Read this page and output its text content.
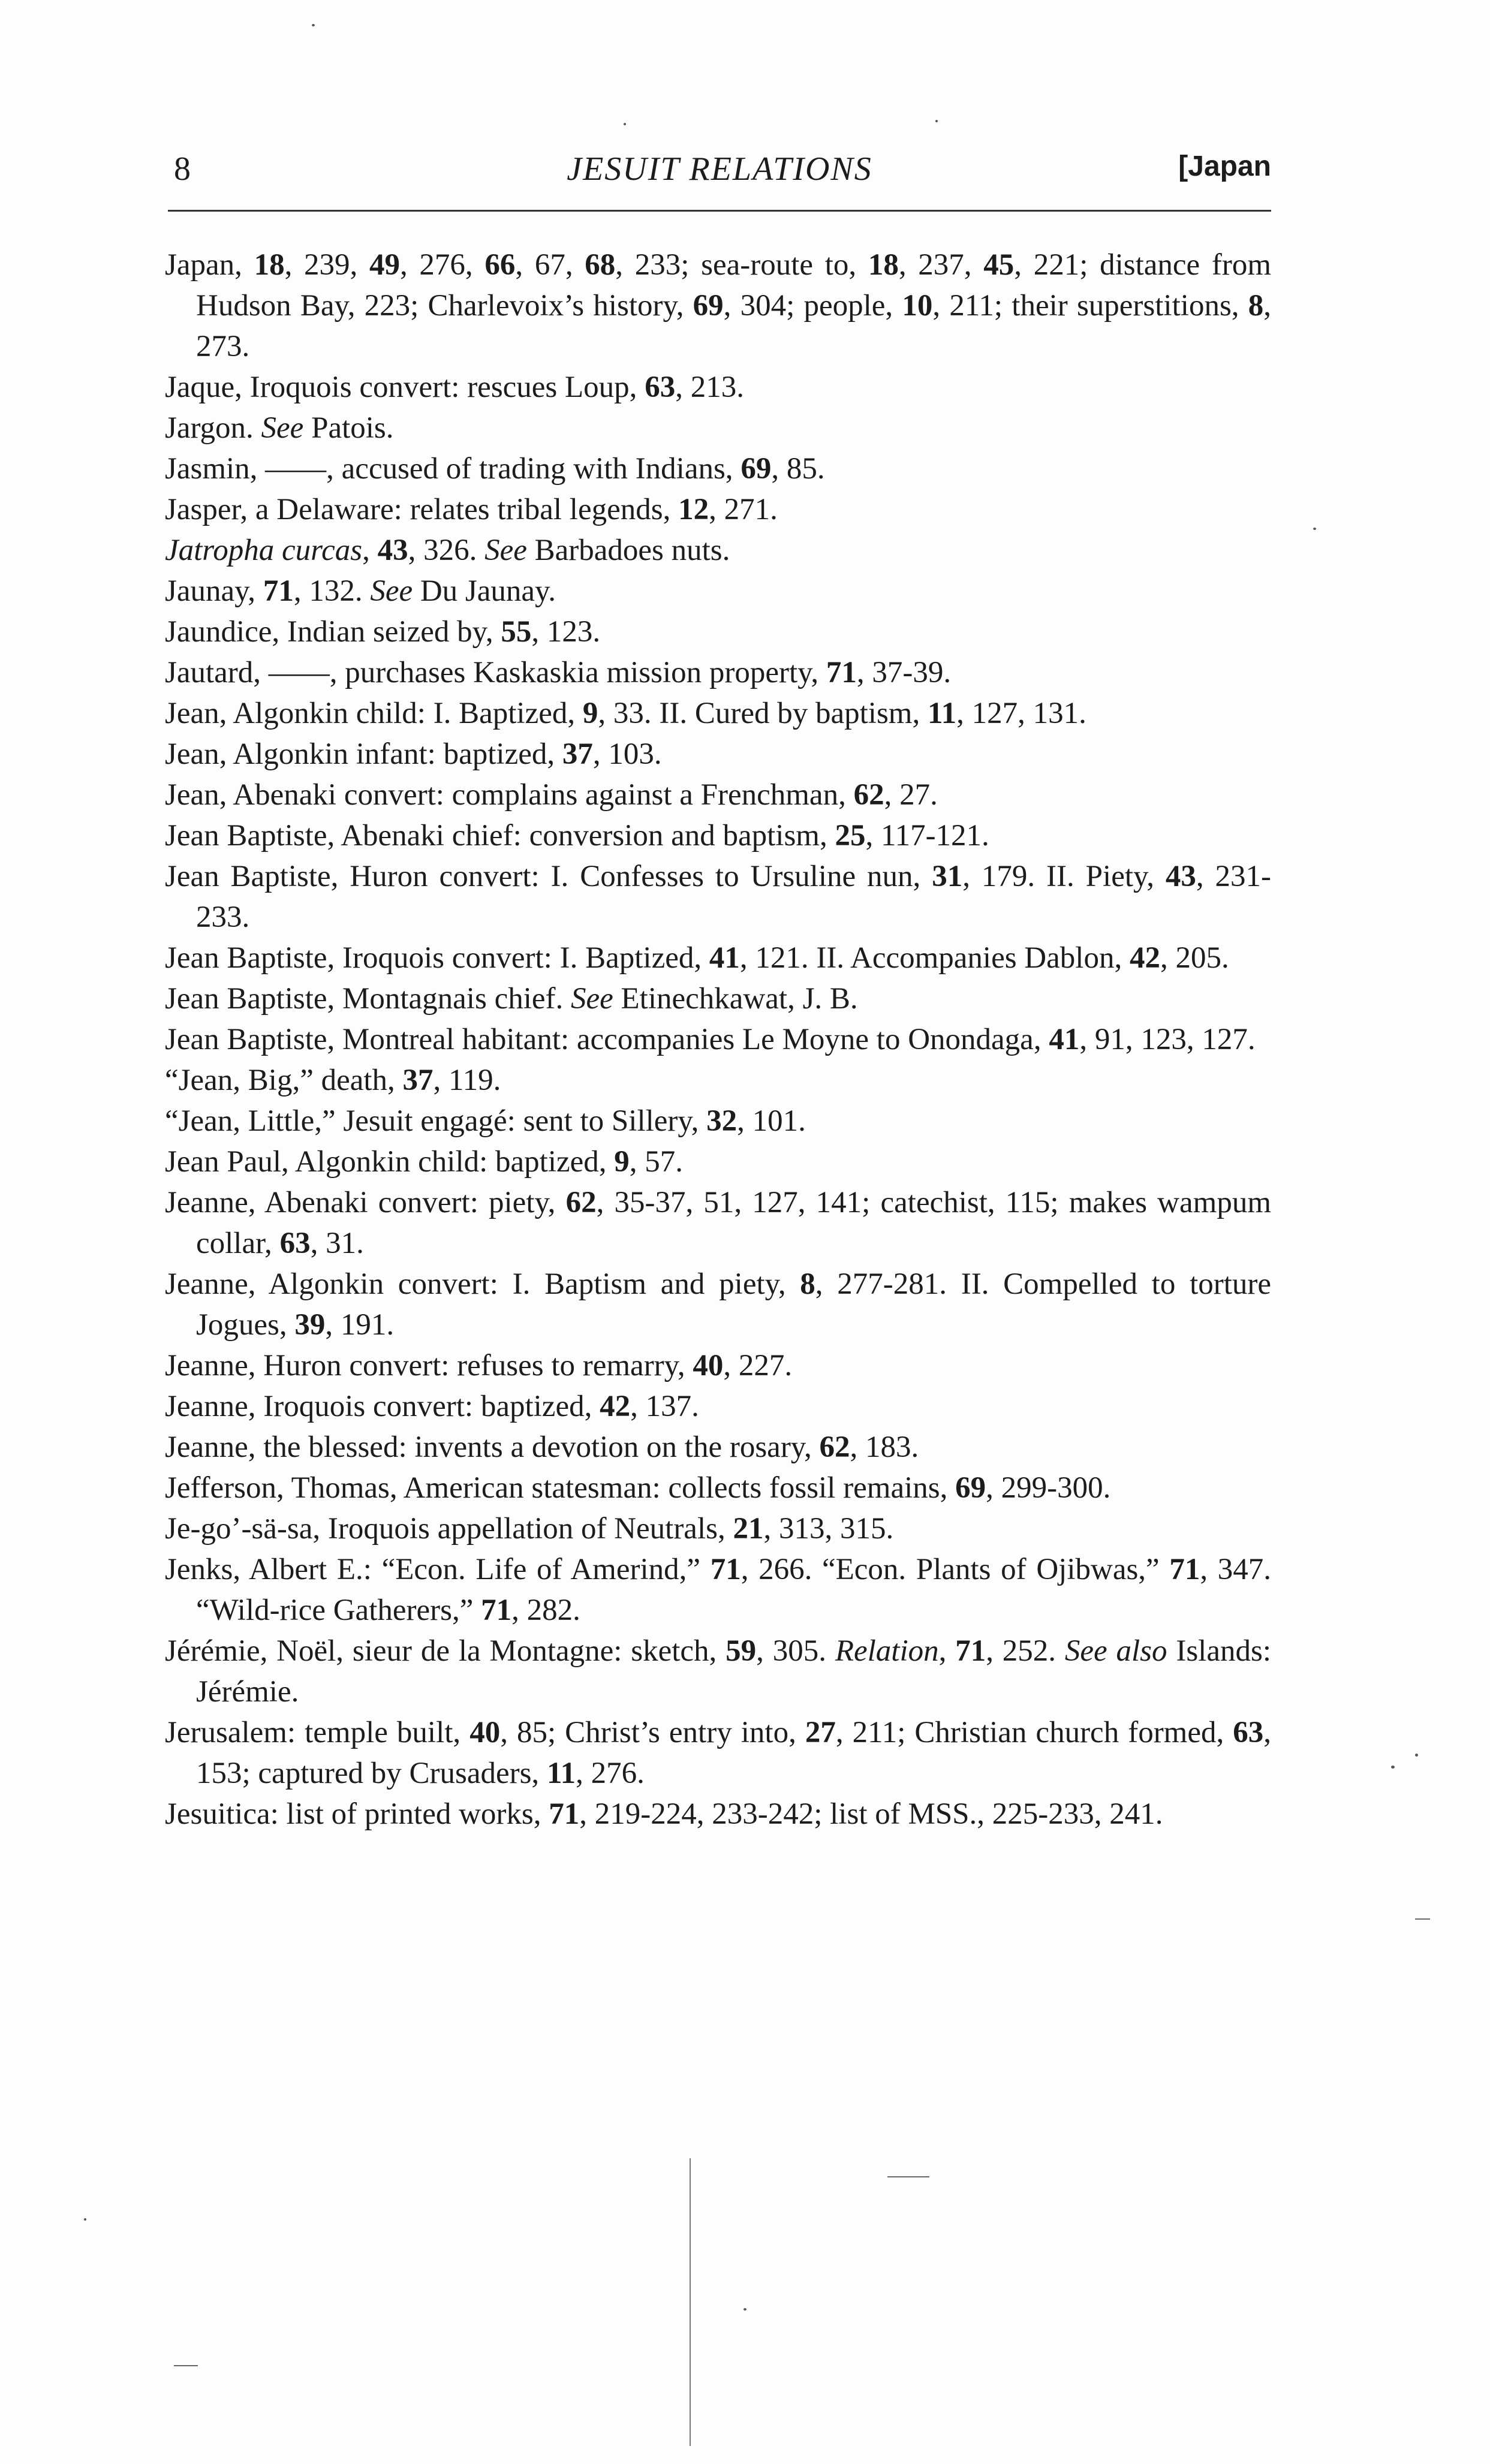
8	JESUIT RELATIONS	[Japan
Japan, 18, 239, 49, 276, 66, 67, 68, 233; sea-route to, 18, 237, 45, 221; distance from Hudson Bay, 223; Charlevoix’s history, 69, 304; people, 10, 211; their superstitions, 8, 273.
Jaque, Iroquois convert: rescues Loup, 63, 213.
Jargon. See Patois.
Jasmin, ——, accused of trading with Indians, 69, 85.
Jasper, a Delaware: relates tribal legends, 12, 271.
Jatropha curcas, 43, 326. See Barbadoes nuts.
Jaunay, 71, 132. See Du Jaunay.
Jaundice, Indian seized by, 55, 123.
Jautard, ——, purchases Kaskaskia mission property, 71, 37-39.
Jean, Algonkin child: I. Baptized, 9, 33. II. Cured by baptism, 11, 127, 131.
Jean, Algonkin infant: baptized, 37, 103.
Jean, Abenaki convert: complains against a Frenchman, 62, 27.
Jean Baptiste, Abenaki chief: conversion and baptism, 25, 117-121.
Jean Baptiste, Huron convert: I. Confesses to Ursuline nun, 31, 179. II. Piety, 43, 231-233.
Jean Baptiste, Iroquois convert: I. Baptized, 41, 121. II. Accompanies Dablon, 42, 205.
Jean Baptiste, Montagnais chief. See Etinechkawat, J. B.
Jean Baptiste, Montreal habitant: accompanies Le Moyne to Onondaga, 41, 91, 123, 127.
“Jean, Big,” death, 37, 119.
“Jean, Little,” Jesuit engagé: sent to Sillery, 32, 101.
Jean Paul, Algonkin child: baptized, 9, 57.
Jeanne, Abenaki convert: piety, 62, 35-37, 51, 127, 141; catechist, 115; makes wampum collar, 63, 31.
Jeanne, Algonkin convert: I. Baptism and piety, 8, 277-281. II. Compelled to torture Jogues, 39, 191.
Jeanne, Huron convert: refuses to remarry, 40, 227.
Jeanne, Iroquois convert: baptized, 42, 137.
Jeanne, the blessed: invents a devotion on the rosary, 62, 183.
Jefferson, Thomas, American statesman: collects fossil remains, 69, 299-300.
Je-go’-sä-sa, Iroquois appellation of Neutrals, 21, 313, 315.
Jenks, Albert E.: “Econ. Life of Amerind,” 71, 266. “Econ. Plants of Ojibwas,” 71, 347. “Wild-rice Gatherers,” 71, 282.
Jérémie, Noël, sieur de la Montagne: sketch, 59, 305. Relation, 71, 252. See also Islands: Jérémie.
Jerusalem: temple built, 40, 85; Christ’s entry into, 27, 211; Christian church formed, 63, 153; captured by Crusaders, 11, 276.
Jesuitica: list of printed works, 71, 219-224, 233-242; list of MSS., 225-233, 241.
